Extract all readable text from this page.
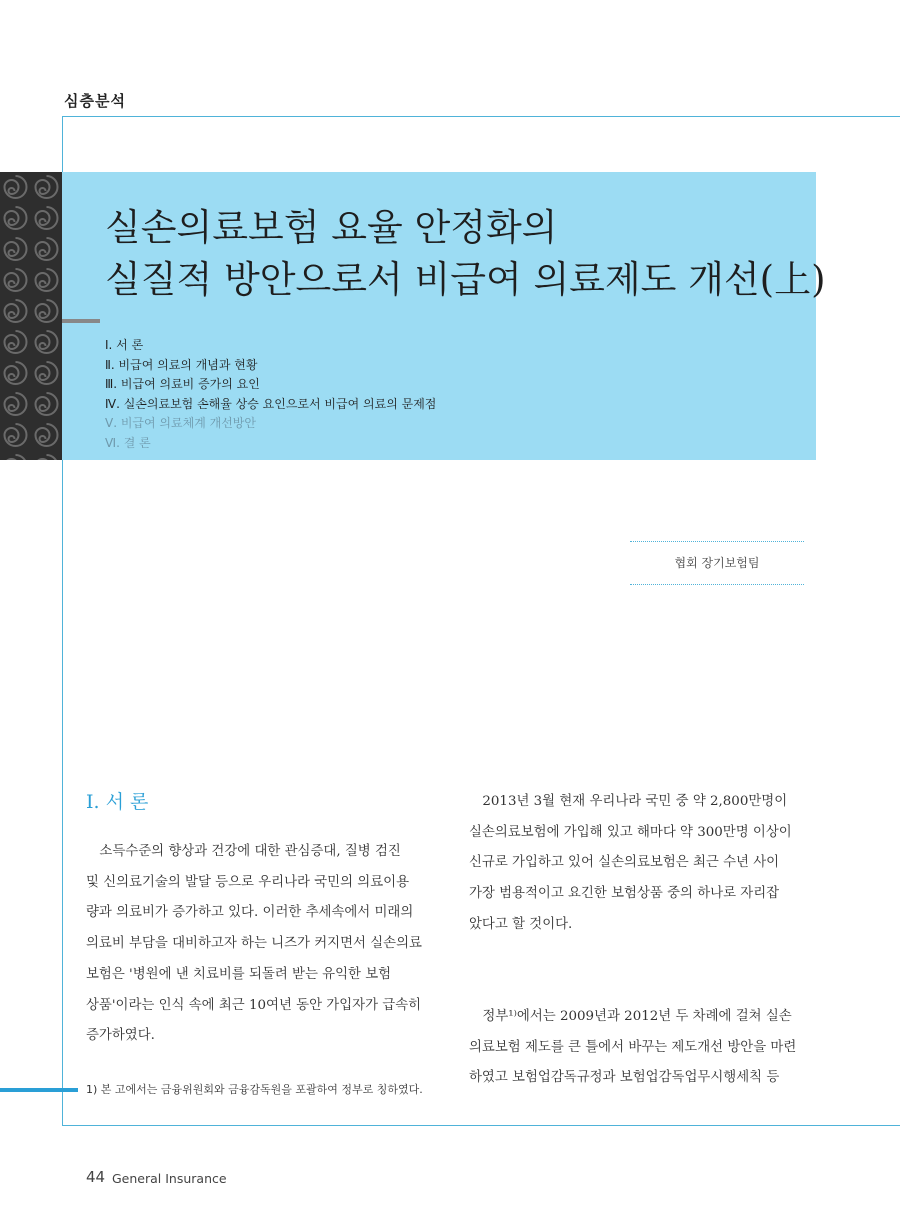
심층분석
실손의료보험 요율 안정화의
실질적 방안으로서 비급여 의료제도 개선(上)
Ⅰ. 서 론
Ⅱ. 비급여 의료의 개념과 현황
Ⅲ. 비급여 의료비 증가의 요인
Ⅳ. 실손의료보험 손해율 상승 요인으로서 비급여 의료의 문제점
Ⅴ. 비급여 의료체계 개선방안
Ⅵ. 결 론
협회 장기보험팀
I. 서 론

　소득수준의 향상과 건강에 대한 관심증대, 질병 검진

및 신의료기술의 발달 등으로 우리나라 국민의 의료이용

량과 의료비가 증가하고 있다. 이러한 추세속에서 미래의

의료비 부담을 대비하고자 하는 니즈가 커지면서 실손의료

보험은 '병원에 낸 치료비를 되돌려 받는 유익한 보험

상품'이라는 인식 속에 최근 10여년 동안 가입자가 급속히

증가하였다.

　2013년 3월 현재 우리나라 국민 중 약 2,800만명이

실손의료보험에 가입해 있고 해마다 약 300만명 이상이

신규로 가입하고 있어 실손의료보험은 최근 수년 사이

가장 범용적이고 요긴한 보험상품 중의 하나로 자리잡

았다고 할 것이다.

　정부¹⁾에서는 2009년과 2012년 두 차례에 걸쳐 실손

의료보험 제도를 큰 틀에서 바꾸는 제도개선 방안을 마련

하였고 보험업감독규정과 보험업감독업무시행세칙 등

1) 본 고에서는 금융위원회와 금융감독원을 포괄하여 정부로 칭하였다.
44 General Insurance
